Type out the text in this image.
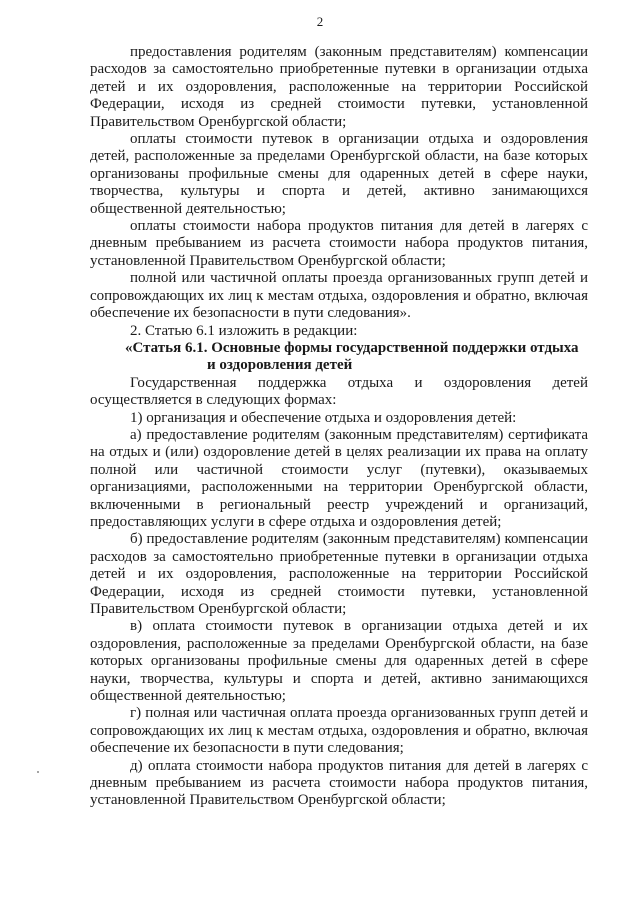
2

предоставления родителям (законным представителям) компенсации расходов за самостоятельно приобретенные путевки в организации отдыха детей и их оздоровления, расположенные на территории Российской Федерации, исходя из средней стоимости путевки, установленной Правительством Оренбургской области;

оплаты стоимости путевок в организации отдыха и оздоровления детей, расположенные за пределами Оренбургской области, на базе которых организованы профильные смены для одаренных детей в сфере науки, творчества, культуры и спорта и детей, активно занимающихся общественной деятельностью;

оплаты стоимости набора продуктов питания для детей в лагерях с дневным пребыванием из расчета стоимости набора продуктов питания, установленной Правительством Оренбургской области;

полной или частичной оплаты проезда организованных групп детей и сопровождающих их лиц к местам отдыха, оздоровления и обратно, включая обеспечение их безопасности в пути следования».

2. Статью 6.1 изложить в редакции:

«Статья 6.1. Основные формы государственной поддержки отдыха
и оздоровления детей

Государственная поддержка отдыха и оздоровления детей осуществляется в следующих формах:

1) организация и обеспечение отдыха и оздоровления детей:

а) предоставление родителям (законным представителям) сертификата на отдых и (или) оздоровление детей в целях реализации их права на оплату полной или частичной стоимости услуг (путевки), оказываемых организациями, расположенными на территории Оренбургской области, включенными в региональный реестр учреждений и организаций, предоставляющих услуги в сфере отдыха и оздоровления детей;

б) предоставление родителям (законным представителям) компенсации расходов за самостоятельно приобретенные путевки в организации отдыха детей и их оздоровления, расположенные на территории Российской Федерации, исходя из средней стоимости путевки, установленной Правительством Оренбургской области;

в) оплата стоимости путевок в организации отдыха детей и их оздоровления, расположенные за пределами Оренбургской области, на базе которых организованы профильные смены для одаренных детей в сфере науки, творчества, культуры и спорта и детей, активно занимающихся общественной деятельностью;

г) полная или частичная оплата проезда организованных групп детей и сопровождающих их лиц к местам отдыха, оздоровления и обратно, включая обеспечение их безопасности в пути следования;

д) оплата стоимости набора продуктов питания для детей в лагерях с дневным пребыванием из расчета стоимости набора продуктов питания, установленной Правительством Оренбургской области;
